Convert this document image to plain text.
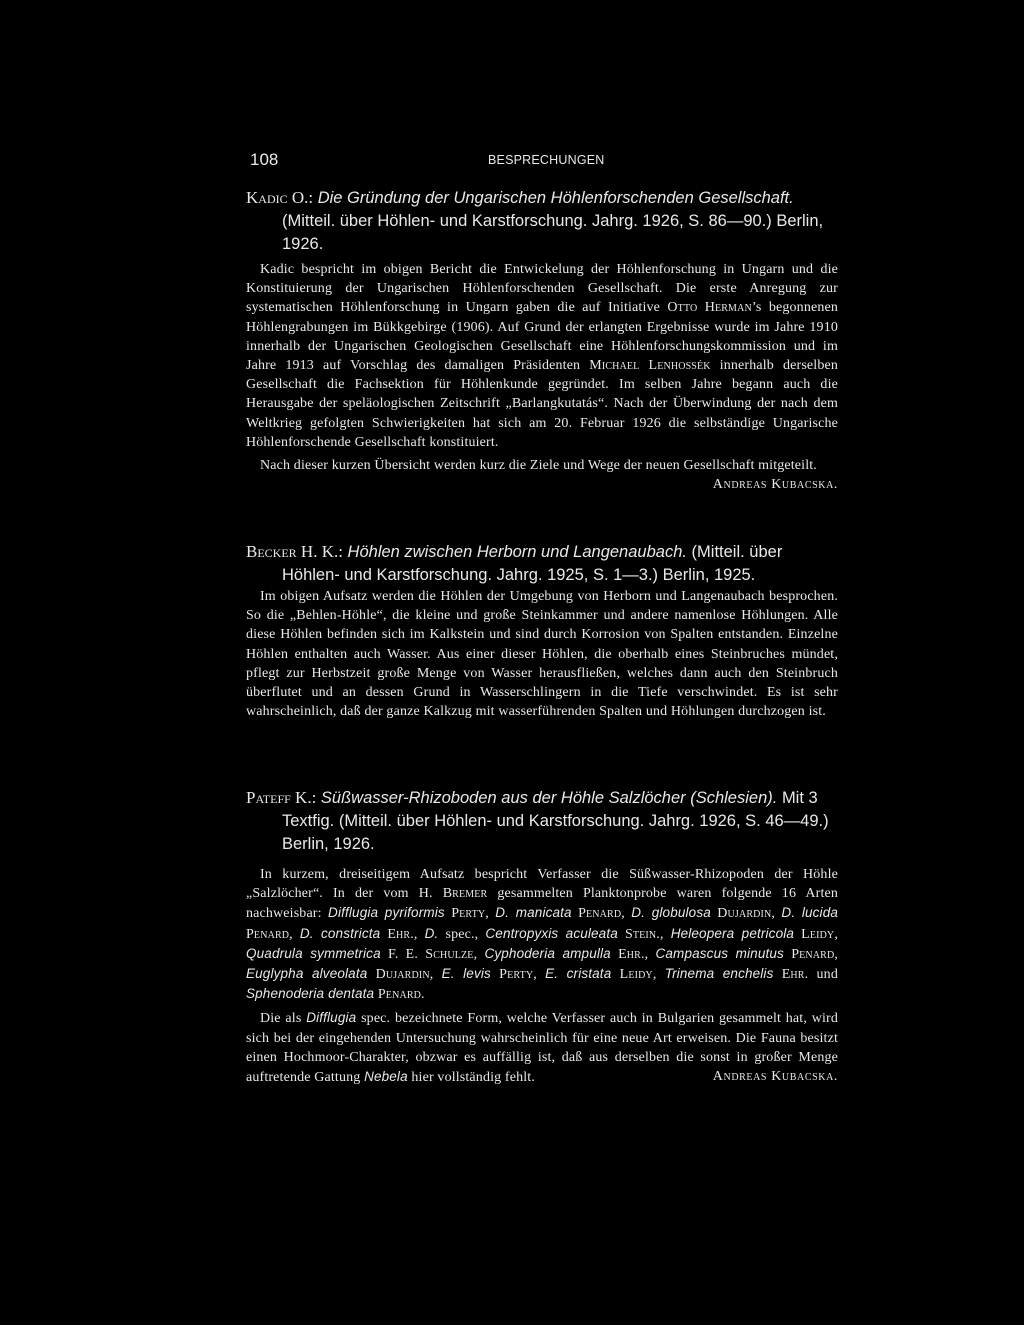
108	BESPRECHUNGEN

Kadic O.: Die Gründung der Ungarischen Höhlenforschenden Gesellschaft. (Mitteil. über Höhlen- und Karstforschung. Jahrg. 1926, S. 86—90.) Berlin, 1926.

Kadic bespricht im obigen Bericht die Entwickelung der Höhlenforschung in Ungarn und die Konstituierung der Ungarischen Höhlenforschenden Gesellschaft. Die erste Anregung zur systematischen Höhlenforschung in Ungarn gaben die auf Initiative Otto Herman’s begonnenen Höhlengrabungen im Bükkgebirge (1906). Auf Grund der erlangten Ergebnisse wurde im Jahre 1910 innerhalb der Ungarischen Geologischen Gesellschaft eine Höhlenforschungskommission und im Jahre 1913 auf Vorschlag des damaligen Präsidenten Michael Lenhossék innerhalb derselben Gesellschaft die Fachsektion für Höhlenkunde gegründet. Im selben Jahre begann auch die Herausgabe der speläologischen Zeitschrift „Barlangkutatás“. Nach der Überwindung der nach dem Weltkrieg gefolgten Schwierigkeiten hat sich am 20. Februar 1926 die selbständige Ungarische Höhlenforschende Gesellschaft konstituiert.

Nach dieser kurzen Übersicht werden kurz die Ziele und Wege der neuen Gesellschaft mitgeteilt.
Andreas Kubacska.

Becker H. K.: Höhlen zwischen Herborn und Langenaubach. (Mitteil. über Höhlen- und Karstforschung. Jahrg. 1925, S. 1—3.) Berlin, 1925.

Im obigen Aufsatz werden die Höhlen der Umgebung von Herborn und Langenaubach besprochen. So die „Behlen-Höhle“, die kleine und große Steinkammer und andere namenlose Höhlungen. Alle diese Höhlen befinden sich im Kalkstein und sind durch Korrosion von Spalten entstanden. Einzelne Höhlen enthalten auch Wasser. Aus einer dieser Höhlen, die oberhalb eines Steinbruches mündet, pflegt zur Herbstzeit große Menge von Wasser herausfließen, welches dann auch den Steinbruch überflutet und an dessen Grund in Wasserschlingern in die Tiefe verschwindet. Es ist sehr wahrscheinlich, daß der ganze Kalkzug mit wasserführenden Spalten und Höhlungen durchzogen ist.

Pateff K.: Süßwasser-Rhizoboden aus der Höhle Salzlöcher (Schlesien). Mit 3 Textfig. (Mitteil. über Höhlen- und Karstforschung. Jahrg. 1926, S. 46—49.) Berlin, 1926.

In kurzem, dreiseitigem Aufsatz bespricht Verfasser die Süßwasser-Rhizopoden der Höhle „Salzlöcher“. In der vom H. Bremer gesammelten Planktonprobe waren folgende 16 Arten nachweisbar: Difflugia pyriformis Perty, D. manicata Penard, D. globulosa Dujardin, D. lucida Penard, D. constricta Ehr., D. spec., Centropyxis aculeata Stein., Heleopera petricola Leidy, Quadrula symmetrica F. E. Schulze, Cyphoderia ampulla Ehr., Campascus minutus Penard, Euglypha alveolata Dujardin, E. levis Perty, E. cristata Leidy, Trinema enchelis Ehr. und Sphenoderia dentata Penard.

Die als Difflugia spec. bezeichnete Form, welche Verfasser auch in Bulgarien gesammelt hat, wird sich bei der eingehenden Untersuchung wahrscheinlich für eine neue Art erweisen. Die Fauna besitzt einen Hochmoor-Charakter, obzwar es auffällig ist, daß aus derselben die sonst in großer Menge auftretende Gattung Nebela hier vollständig fehlt.	Andreas Kubacska.
